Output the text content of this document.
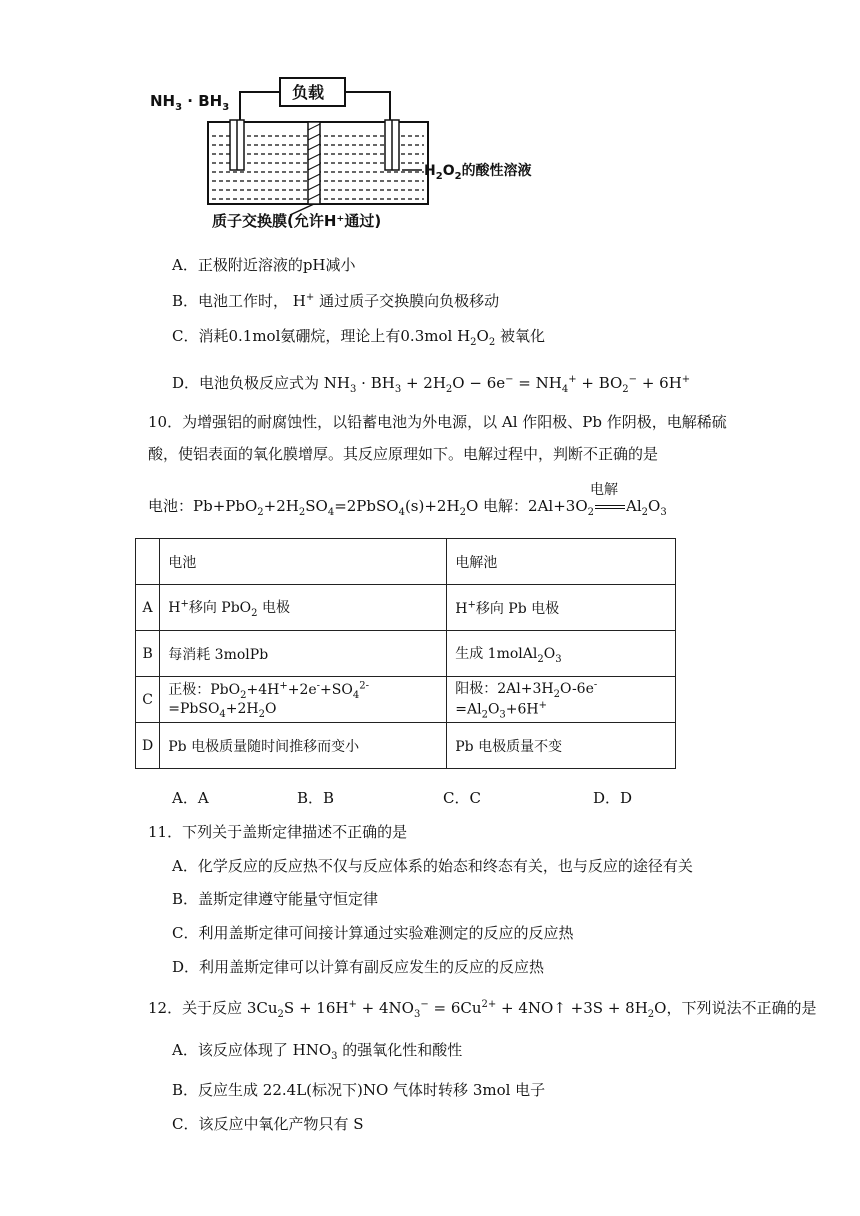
$NH_3 \cdot BH_3$
负载
$H_2O_2$的酸性溶液
质子交换膜(允许H⁺通过)
A．正极附近溶液的pH减小
B．电池工作时， H+ 通过质子交换膜向负极移动
C．消耗0.1mol氨硼烷，理论上有0.3mol $H_2O_2$ 被氧化
D．电池负极反应式为 $NH_3 \cdot BH_3 + 2H_2O - 6e^- = NH_4^+ + BO_2^- + 6H^+$
10．为增强铝的耐腐蚀性，以铅蓄电池为外电源，以 Al 作阳极、Pb 作阴极，电解稀硫
酸，使铝表面的氧化膜增厚。其反应原理如下。电解过程中，判断不正确的是
电池：$Pb+PbO_2+2H_2SO_4=2PbSO_4(s)+2H_2O$ 电解：$2Al+3O_2$
电解
$Al_2O_3$
	电池	电解池
A	H+移向 PbO$_2$ 电极	H+移向 Pb 电极
B	每消耗 3molPb	生成 $1molAl_2O_3$
C	正极：$PbO_2+4H^++2e^-+SO_4^{2-}$ $=PbSO_4+2H_2O$	阳极：$2Al+3H_2O-6e^-=Al_2O_3+6H^+$
D	Pb 电极质量随时间推移而变小	Pb 电极质量不变
A．A	B．B	C．C	D．D
11．下列关于盖斯定律描述不正确的是
A．化学反应的反应热不仅与反应体系的始态和终态有关，也与反应的途径有关
B．盖斯定律遵守能量守恒定律
C．利用盖斯定律可间接计算通过实验难测定的反应的反应热
D．利用盖斯定律可以计算有副反应发生的反应的反应热
12．关于反应 $3Cu_2S + 16H^+ + 4NO_3^- = 6Cu^{2+}$ + 4NO↑ $+3S + 8H_2O$，下列说法不正确的是
A．该反应体现了 $HNO_3$ 的强氧化性和酸性
B．反应生成 22.4L(标况下)NO 气体时转移 3mol 电子
C．该反应中氧化产物只有 S
